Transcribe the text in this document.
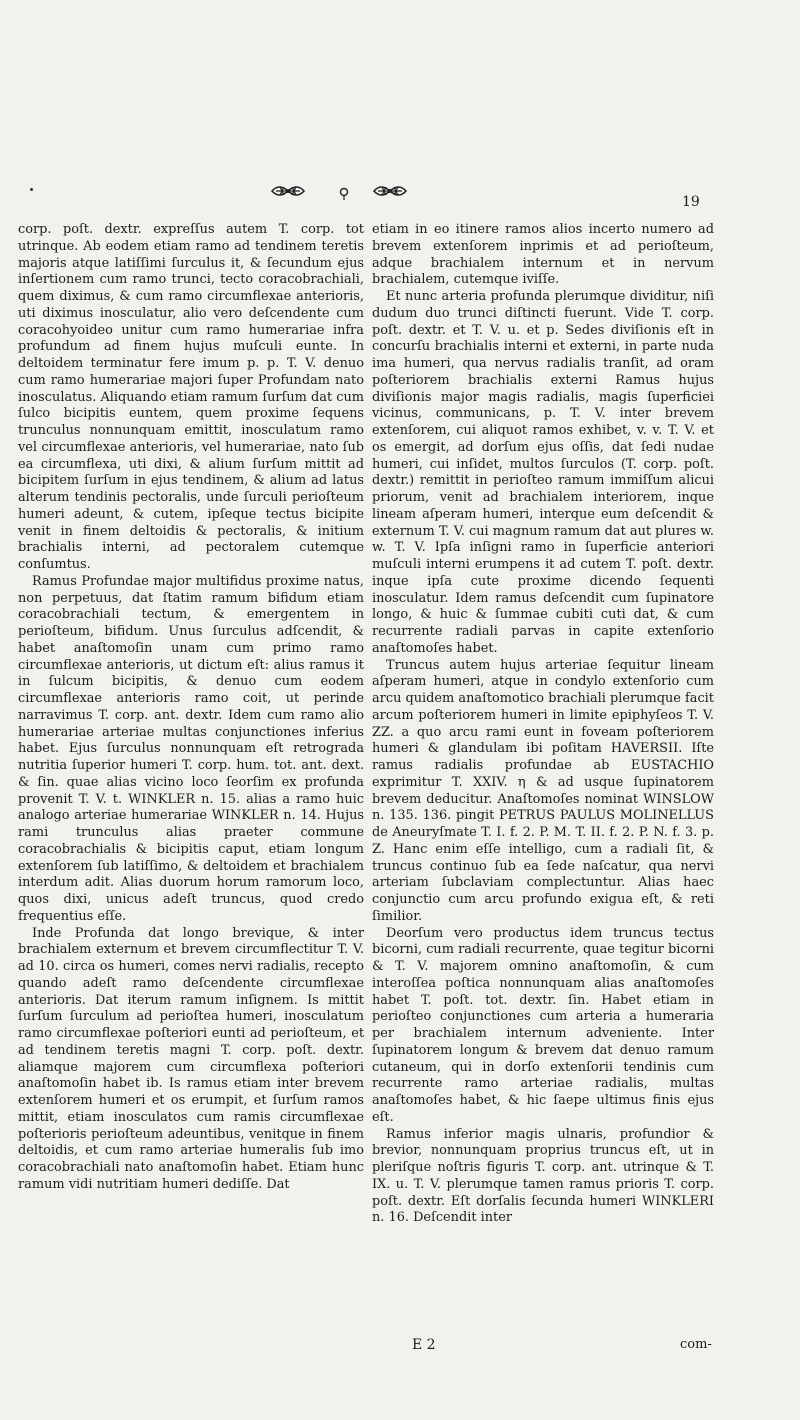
19

corp. poſt. dextr. expreſſus autem T. corp. tot utrinque. Ab eodem etiam ramo ad tendinem teretis majoris atque latiſſimi ſurculus it, & ſecundum ejus inſertionem cum ramo trunci, tecto coracobrachiali, quem diximus, & cum ramo circumflexae anterioris, uti diximus inosculatur, alio vero deſcendente cum coracohyoideo unitur cum ramo humerariae infra profundum ad finem hujus muſculi eunte. In deltoidem terminatur fere imum p. p. T. V. denuo cum ramo humerariae majori ſuper Profundam nato inosculatus. Aliquando etiam ramum ſurſum dat cum ſulco bicipitis euntem, quem proxime ſequens trunculus nonnunquam emittit, inosculatum ramo vel circumflexae anterioris, vel humerariae, nato ſub ea circumflexa, uti dixi, & alium ſurſum mittit ad bicipitem ſurſum in ejus tendinem, & alium ad latus alterum tendinis pectoralis, unde ſurculi perioſteum humeri adeunt, & cutem, ipſeque tectus bicipite venit in finem deltoidis & pectoralis, & initium brachialis interni, ad pectoralem cutemque conſumtus.

Ramus Profundae major multifidus proxime natus, non perpetuus, dat ſtatim ramum bifidum etiam coracobrachiali tectum, & emergentem in perioſteum, bifidum. Unus ſurculus adſcendit, & habet anaſtomoſin unam cum primo ramo circumflexae anterioris, ut dictum eſt: alius ramus it in ſulcum bicipitis, & denuo cum eodem circumflexae anterioris ramo coit, ut perinde narravimus T. corp. ant. dextr. Idem cum ramo alio humerariae arteriae multas conjunctiones inferius habet. Ejus ſurculus nonnunquam eſt retrograda nutritia ſuperior humeri T. corp. hum. tot. ant. dext. & ſin. quae alias vicino loco ſeorſim ex profunda provenit T. V. t. WINKLER n. 15. alias a ramo huic analogo arteriae humerariae WINKLER n. 14. Hujus rami trunculus alias praeter commune coracobrachialis & bicipitis caput, etiam longum extenſorem ſub latiſſimo, & deltoidem et brachialem interdum adit. Alias duorum horum ramorum loco, quos dixi, unicus adeſt truncus, quod credo frequentius eſſe.

Inde Profunda dat longo brevique, & inter brachialem externum et brevem circumflectitur T. V. ad 10. circa os humeri, comes nervi radialis, recepto quando adeſt ramo deſcendente circumflexae anterioris. Dat iterum ramum inſignem. Is mittit ſurſum ſurculum ad perioſtea humeri, inosculatum ramo circumflexae poſteriori eunti ad perioſteum, et ad tendinem teretis magni T. corp. poſt. dextr. aliamque majorem cum circumflexa poſteriori anaſtomoſin habet ib. Is ramus etiam inter brevem extenſorem humeri et os erumpit, et ſurſum ramos mittit, etiam inosculatos cum ramis circumflexae poſterioris perioſteum adeuntibus, venitque in finem deltoidis, et cum ramo arteriae humeralis ſub imo coracobrachiali nato anaſtomoſin habet. Etiam hunc ramum vidi nutritiam humeri dediſſe. Dat

etiam in eo itinere ramos alios incerto numero ad brevem extenſorem inprimis et ad perioſteum, adque brachialem internum et in nervum brachialem, cutemque iviſſe.

Et nunc arteria profunda plerumque dividitur, niſi dudum duo trunci diſtincti fuerunt. Vide T. corp. poſt. dextr. et T. V. u. et p. Sedes diviſionis eſt in concurſu brachialis interni et externi, in parte nuda ima humeri, qua nervus radialis tranſit, ad oram poſteriorem brachialis externi Ramus hujus diviſionis major magis radialis, magis ſuperficiei vicinus, communicans, p. T. V. inter brevem extenſorem, cui aliquot ramos exhibet, v. v. T. V. et os emergit, ad dorſum ejus oſſis, dat ſedi nudae humeri, cui inſidet, multos ſurculos (T. corp. poſt. dextr.) remittit in perioſteo ramum immiſſum alicui priorum, venit ad brachialem interiorem, inque lineam aſperam humeri, interque eum deſcendit & externum T. V. cui magnum ramum dat aut plures w. w. T. V. Ipſa inſigni ramo in ſuperficie anteriori muſculi interni erumpens it ad cutem T. poſt. dextr. inque ipſa cute proxime dicendo ſequenti inosculatur. Idem ramus deſcendit cum ſupinatore longo, & huic & ſummae cubiti cuti dat, & cum recurrente radiali parvas in capite extenſorio anaſtomoſes habet.

Truncus autem hujus arteriae ſequitur lineam aſperam humeri, atque in condylo extenſorio cum arcu quidem anaſtomotico brachiali plerumque facit arcum poſteriorem humeri in limite epiphyſeos T. V. ZZ. a quo arcu rami eunt in foveam poſteriorem humeri & glandulam ibi poſitam HAVERSII. Iſte ramus radialis profundae ab EUSTACHIO exprimitur T. XXIV. η & ad usque ſupinatorem brevem deducitur. Anaſtomoſes nominat WINSLOW n. 135. 136. pingit PETRUS PAULUS MOLINELLUS de Aneuryſmate T. I. f. 2. P. M. T. II. f. 2. P. N. f. 3. p. Z. Hanc enim eſſe intelligo, cum a radiali ſit, & truncus continuo ſub ea ſede naſcatur, qua nervi arteriam ſubclaviam complectuntur. Alias haec conjunctio cum arcu profundo exigua eſt, & reti ſimilior.

Deorſum vero productus idem truncus tectus bicorni, cum radiali recurrente, quae tegitur bicorni & T. V. majorem omnino anaſtomoſin, & cum interoſſea poſtica nonnunquam alias anaſtomoſes habet T. poſt. tot. dextr. ſin. Habet etiam in perioſteo conjunctiones cum arteria a humeraria per brachialem internum advenientе. Inter ſupinatorem longum & brevem dat denuo ramum cutaneum, qui in dorſo extenſorii tendinis cum recurrente ramo arteriae radialis, multas anaſtomoſes habet, & hic ſaepe ultimus finis ejus eſt.

Ramus inferior magis ulnaris, profundior & brevior, nonnunquam proprius truncus eſt, ut in pleriſque noſtris figuris T. corp. ant. utrinque & T. IX. u. T. V. plerumque tamen ramus prioris T. corp. poſt. dextr. Eſt dorſalis ſecunda humeri WINKLERI n. 16. Deſcendit inter

E 2	com-
